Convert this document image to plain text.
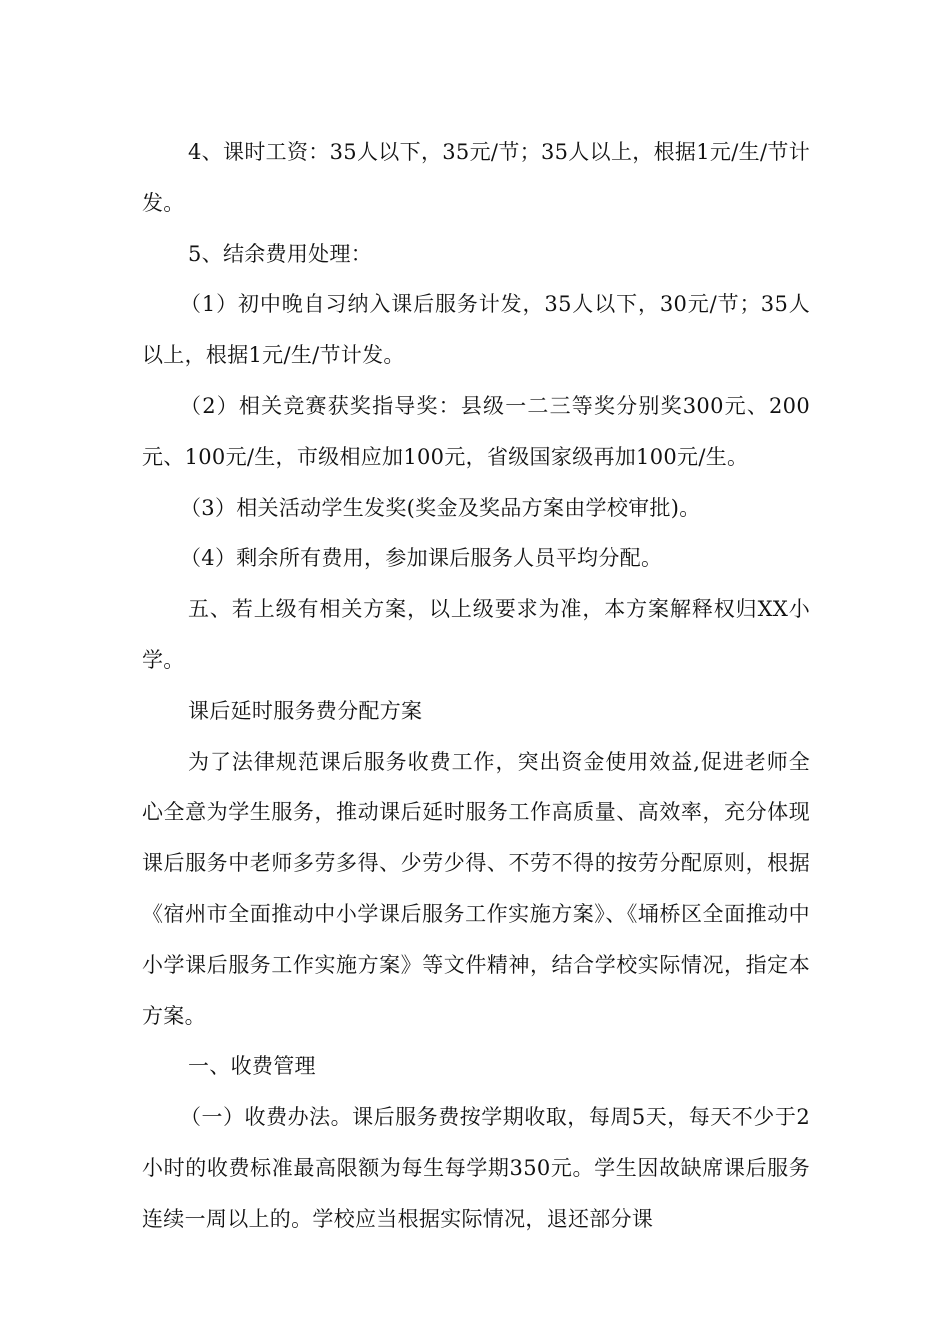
4、课时工资：35人以下，35元/节；35人以上，根据1元/生/节计发。

5、结余费用处理：

（1）初中晚自习纳入课后服务计发，35人以下，30元/节；35人以上，根据1元/生/节计发。

（2）相关竞赛获奖指导奖：县级一二三等奖分别奖300元、200元、100元/生，市级相应加100元，省级国家级再加100元/生。

（3）相关活动学生发奖(奖金及奖品方案由学校审批)。

（4）剩余所有费用，参加课后服务人员平均分配。

五、若上级有相关方案，以上级要求为准，本方案解释权归XX小学。

课后延时服务费分配方案

为了法律规范课后服务收费工作，突出资金使用效益,促进老师全心全意为学生服务，推动课后延时服务工作高质量、高效率，充分体现课后服务中老师多劳多得、少劳少得、不劳不得的按劳分配原则，根据《宿州市全面推动中小学课后服务工作实施方案》、《埇桥区全面推动中小学课后服务工作实施方案》等文件精神，结合学校实际情况，指定本方案。

一、收费管理

（一）收费办法。课后服务费按学期收取，每周5天，每天不少于2小时的收费标准最高限额为每生每学期350元。学生因故缺席课后服务连续一周以上的。学校应当根据实际情况，退还部分课
